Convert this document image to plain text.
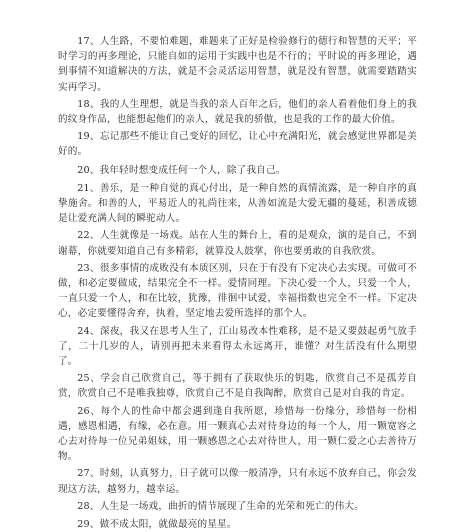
17、人生路，不要怕难题，难题来了正好是检验修行的德行和智慧的天平；平时学习的再多理论，只能自如的运用于实践中也是不行的；平时说的再多理论，遇到事情不知道解决的方法，就是不会灵活运用智慧，就是没有智慧，就需要踏踏实实再学习。

18、我的人生理想，就是当我的亲人百年之后，他们的亲人看着他们身上的我的纹身作品，也能想起他们的亲人，就是我的骄傲，也是我的工作的最大价值。

19、忘记那些不能让自己变好的回忆，让心中充满阳光，就会感觉世界都是美好的。

20、我年轻时想变成任何一个人，除了我自己。

21、善乐，是一种自觉的真心付出，是一种自然的真情流露，是一种自序的真挚施舍。和善的人，平易近人的礼尚往来，从善如流是大爱无疆的蔓延，积善成德是让爱充满人间的瞬驼动人。

22、人生就像是一场戏。站在人生的舞台上，看的是观众，演的是自己，不到谢幕，你就要知道自己有多精彩，就算没人鼓掌，你也要勇敢的自我欣赏。

23、很多事情的成败没有本质区别，只在于有没有下定决心去实现。可做可不做，和必定要做成，结果完全不一样。爱情同理。下决心爱一个人，只爱一个人，一直只爱一个人，和在比较，犹豫，徘徊中试爱，幸福指数也完全不一样。下定决心，必定要懂得舍弃，执着，坚定地去爱所选择的那个人。

24、深夜，我又在思考人生了，江山易改本性难移，是不是又要鼓起勇气放手了，二十几岁的人，请别再把未来看得太永远离开，谁懂？对生活没有什么期望了。

25、学会自己欣赏自己，等于拥有了获取快乐的钥匙，欣赏自己不是孤芳自赏，欣赏自己不是唯我独尊，欣赏自己不是自我陶醉，欣赏自己是对自我的肯定。

26、每个人的性命中都会遇到逢自我所愿，珍惜每一份缘分，珍惜每一份相遇，感恩相遇，有缘，必在意。用一颗真心去对待身边的每一个人，用一颗宽容之心去对待每一位兄弟姐妹，用一颗感恩之心去对待世人，用一颗仁爱之心去善待万物。

27、时刻，认真努力，日子就可以像一般清净，只有永远不放弃自己，你会发现这方法，越努力，越幸运。

28、人生是一场戏，曲折的情节展现了生命的光荣和死亡的伟大。

29、做不成太阳，就做最亮的星星。
